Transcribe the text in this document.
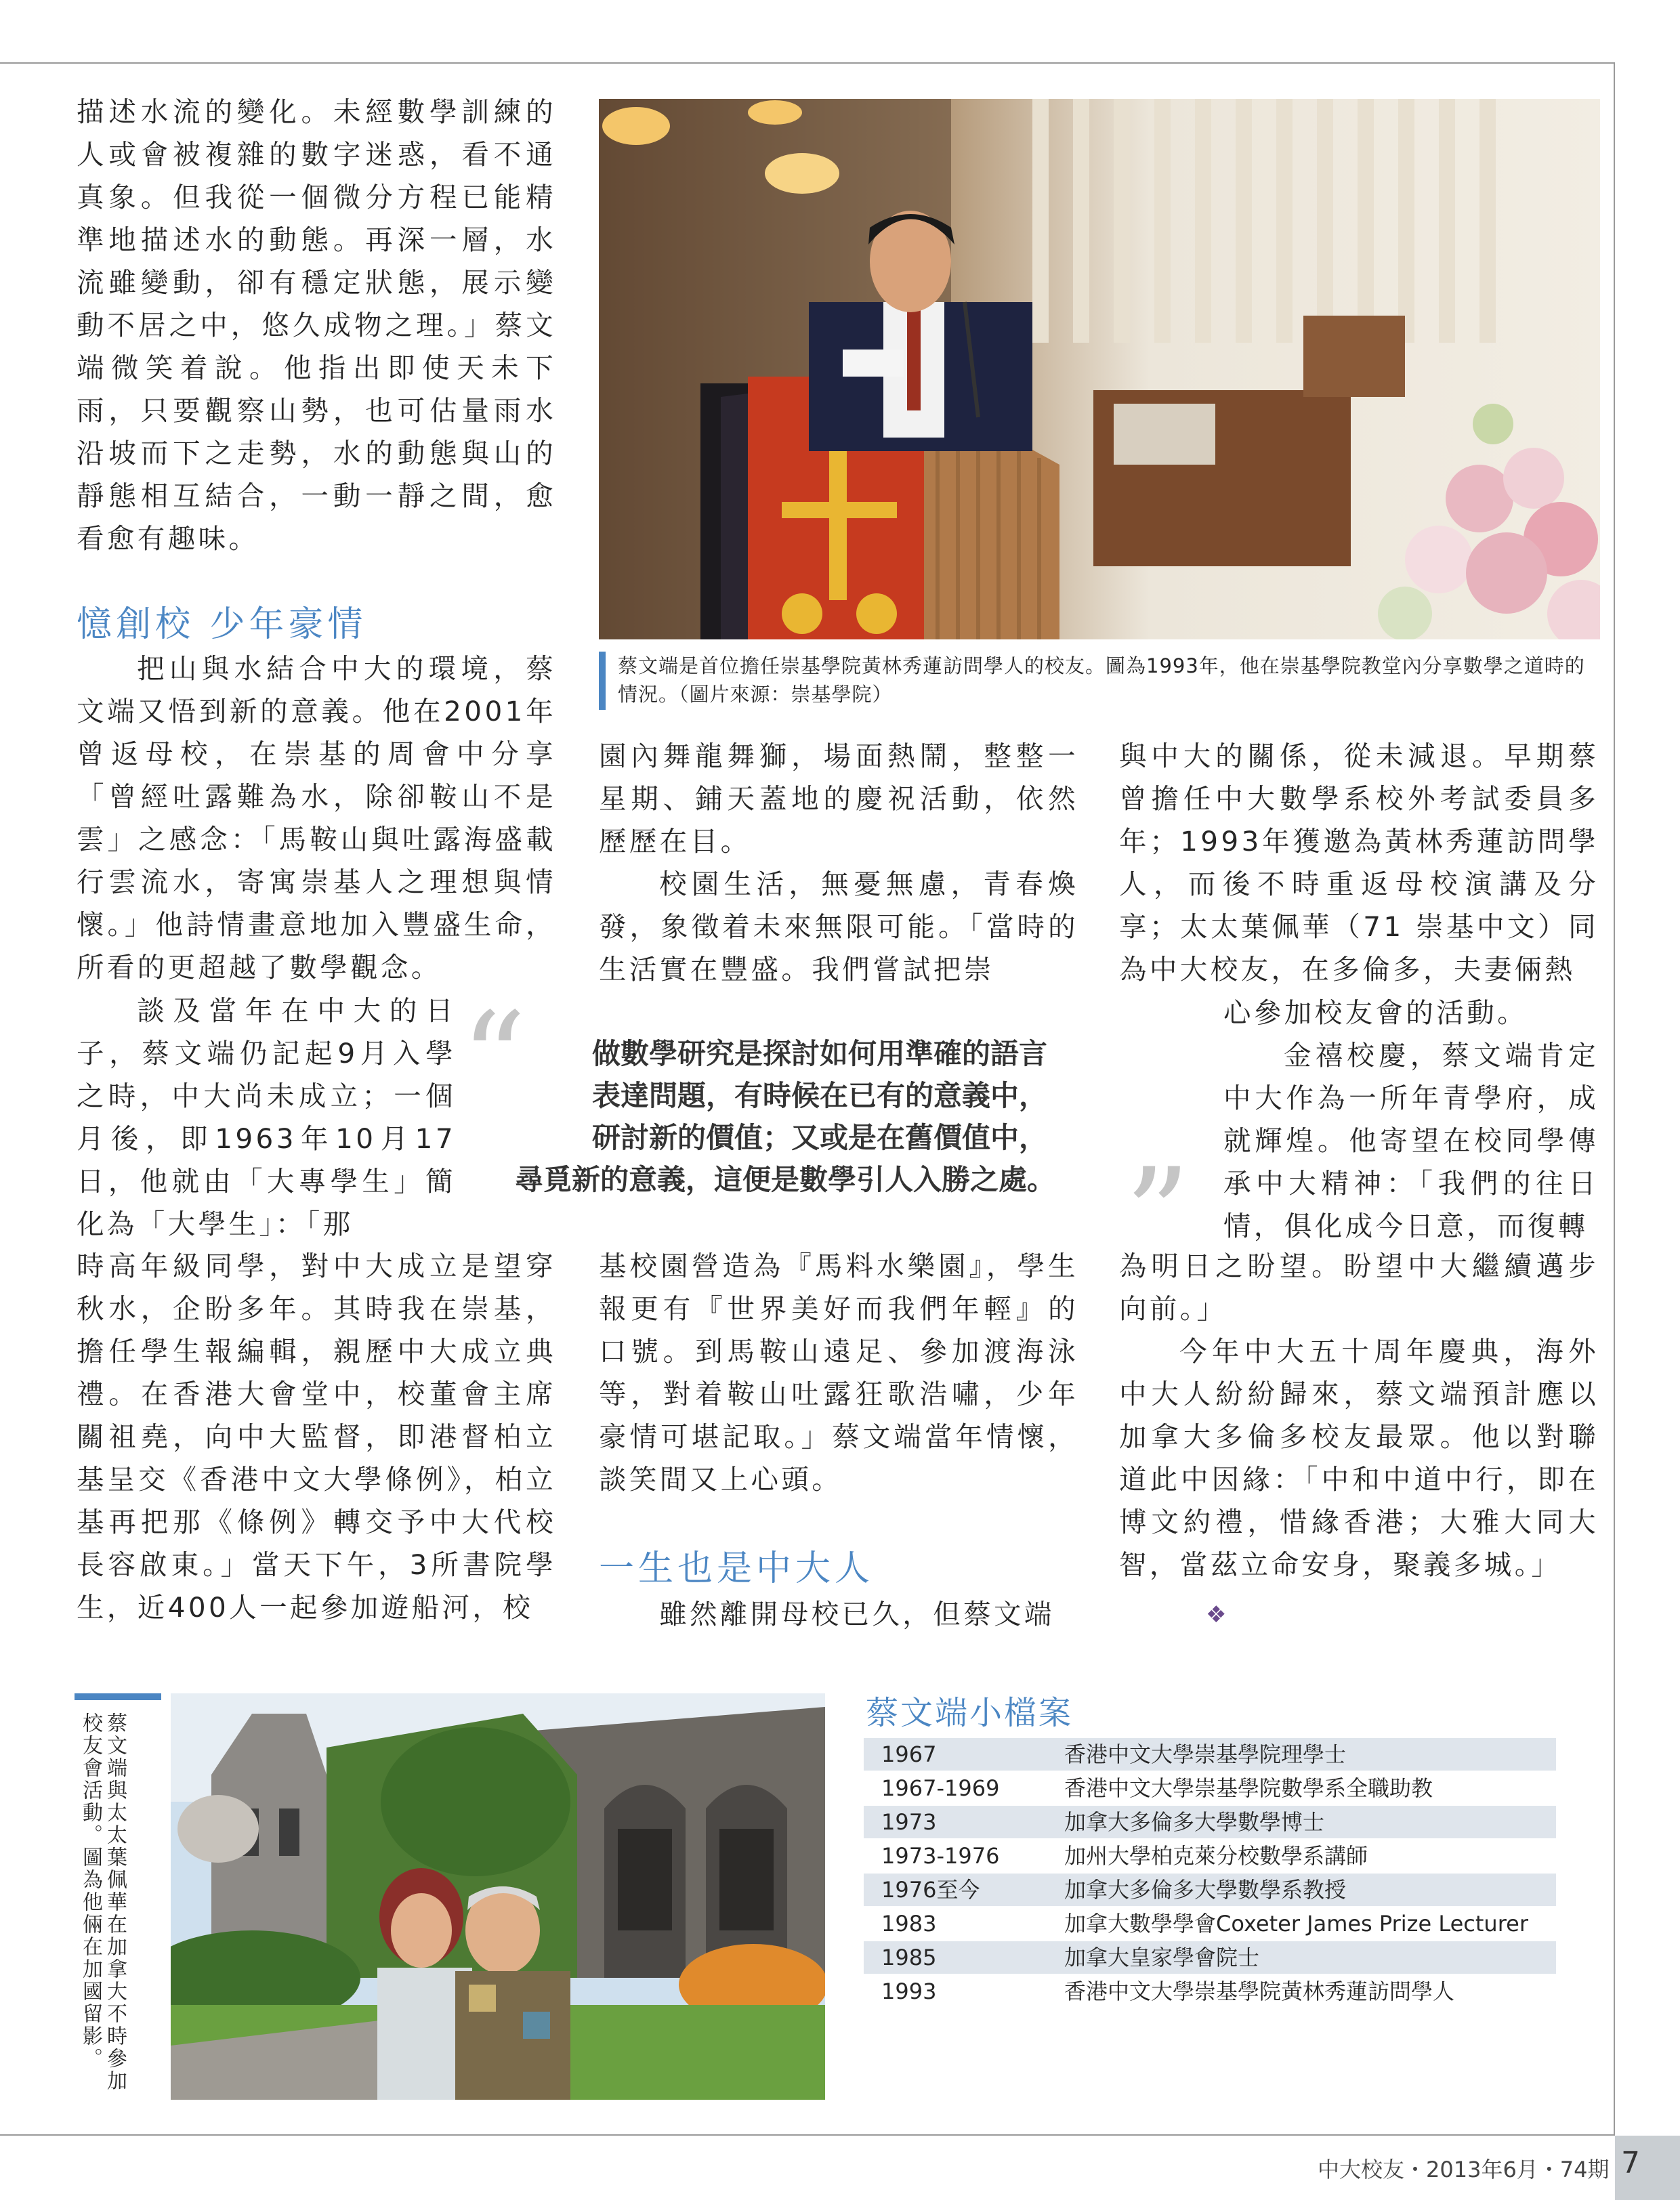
描述水流的變化。未經數學訓練的人或會被複雜的數字迷惑，看不通真象。但我從一個微分方程已能精準地描述水的動態。再深一層，水流雖變動，卻有穩定狀態，展示變動不居之中，悠久成物之理。」蔡文端微笑着說。他指出即使天未下雨，只要觀察山勢，也可估量雨水沿坡而下之走勢，水的動態與山的靜態相互結合，一動一靜之間，愈看愈有趣味。

憶創校 少年豪情

把山與水結合中大的環境，蔡文端又悟到新的意義。他在2001年曾返母校，在崇基的周會中分享「曾經吐露難為水，除卻鞍山不是雲」之感念：「馬鞍山與吐露海盛載行雲流水，寄寓崇基人之理想與情懷。」他詩情畫意地加入豐盛生命，所看的更超越了數學觀念。

談及當年在中大的日子，蔡文端仍記起9月入學之時，中大尚未成立；一個月後，即1963年10月17日，他就由「大專學生」簡化為「大學生」：「那

時高年級同學，對中大成立是望穿秋水，企盼多年。其時我在崇基，擔任學生報編輯，親歷中大成立典禮。在香港大會堂中，校董會主席關祖堯，向中大監督，即港督柏立基呈交《香港中文大學條例》，柏立基再把那《條例》轉交予中大代校長容啟東。」當天下午，3所書院學生，近400人一起參加遊船河，校

蔡文端是首位擔任崇基學院黃林秀蓮訪問學人的校友。圖為1993年，他在崇基學院教堂內分享數學之道時的情況。（圖片來源：崇基學院）

園內舞龍舞獅，場面熱鬧，整整一星期、鋪天蓋地的慶祝活動，依然歷歷在目。

校園生活，無憂無慮，青春煥發，象徵着未來無限可能。「當時的生活實在豐盛。我們嘗試把崇

“	做數學研究是探討如何用準確的語言
表達問題，有時候在已有的意義中，
研討新的價值；又或是在舊價值中，
尋覓新的意義，這便是數學引人入勝之處。 ”

基校園營造為『馬料水樂園』，學生報更有『世界美好而我們年輕』的口號。到馬鞍山遠足、參加渡海泳等，對着鞍山吐露狂歌浩嘯，少年豪情可堪記取。」蔡文端當年情懷，談笑間又上心頭。

一生也是中大人

雖然離開母校已久，但蔡文端

與中大的關係，從未減退。早期蔡曾擔任中大數學系校外考試委員多年；1993年獲邀為黃林秀蓮訪問學人，而後不時重返母校演講及分享；太太葉佩華（71 崇基中文）同為中大校友，在多倫多，夫妻倆熱

心參加校友會的活動。

金禧校慶，蔡文端肯定中大作為一所年青學府，成就輝煌。他寄望在校同學傳承中大精神：「我們的往日情，俱化成今日意，而復轉

為明日之盼望。盼望中大繼續邁步向前。」

今年中大五十周年慶典，海外中大人紛紛歸來，蔡文端預計應以加拿大多倫多校友最眾。他以對聯道此中因緣：「中和中道中行，即在博文約禮，惜緣香港；大雅大同大智，當茲立命安身，聚義多城。」

❖
蔡文端與太太葉佩華在加拿大不時參加校友會活動。圖為他倆在加國留影。	蔡文端小檔案
1967	香港中文大學崇基學院理學士
1967-1969	香港中文大學崇基學院數學系全職助教
1973	加拿大多倫多大學數學博士
1973-1976	加州大學柏克萊分校數學系講師
1976至今	加拿大多倫多大學數學系教授
1983	加拿大數學學會Coxeter James Prize Lecturer
1985	加拿大皇家學會院士
1993	香港中文大學崇基學院黃林秀蓮訪問學人
中大校友・2013年6月・74期 7
